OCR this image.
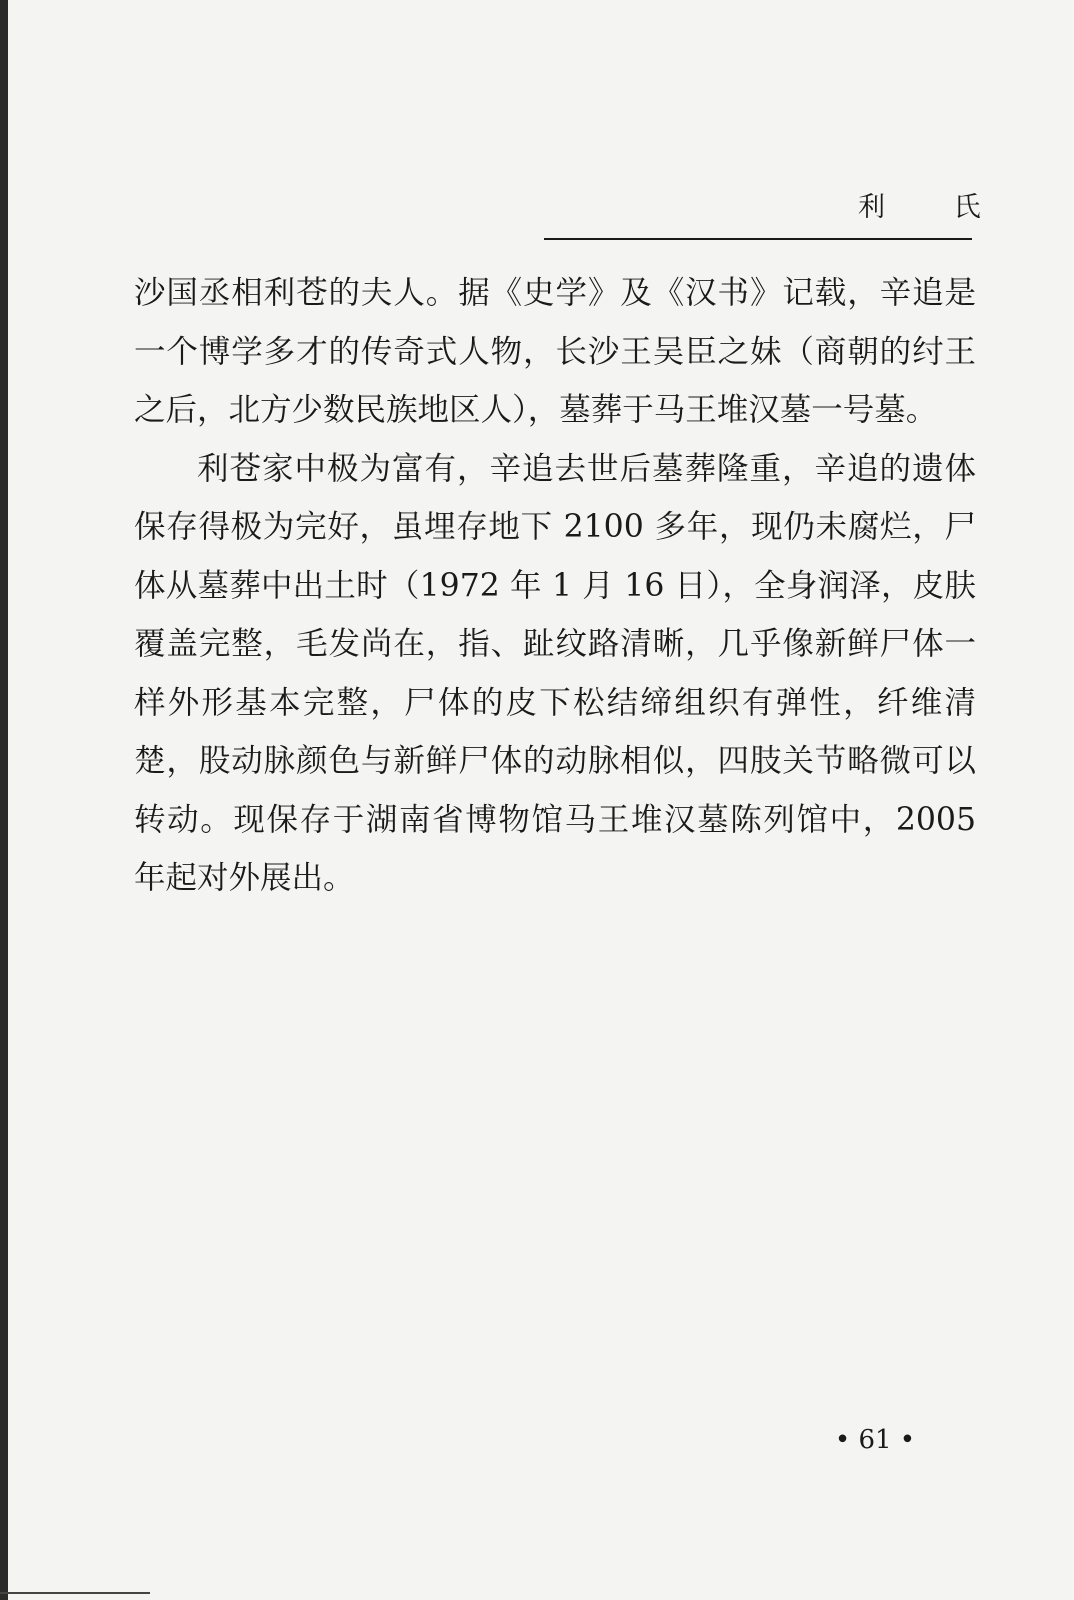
利 氏

沙国丞相利苍的夫人。据《史学》及《汉书》记载，辛追是一个博学多才的传奇式人物，长沙王吴臣之妹（商朝的纣王之后，北方少数民族地区人），墓葬于马王堆汉墓一号墓。

利苍家中极为富有，辛追去世后墓葬隆重，辛追的遗体保存得极为完好，虽埋存地下 2100 多年，现仍未腐烂，尸体从墓葬中出土时（1972 年 1 月 16 日），全身润泽，皮肤覆盖完整，毛发尚在，指、趾纹路清晰，几乎像新鲜尸体一样外形基本完整，尸体的皮下松结缔组织有弹性，纤维清楚，股动脉颜色与新鲜尸体的动脉相似，四肢关节略微可以转动。现保存于湖南省博物馆马王堆汉墓陈列馆中，2005 年起对外展出。

• 61 •
